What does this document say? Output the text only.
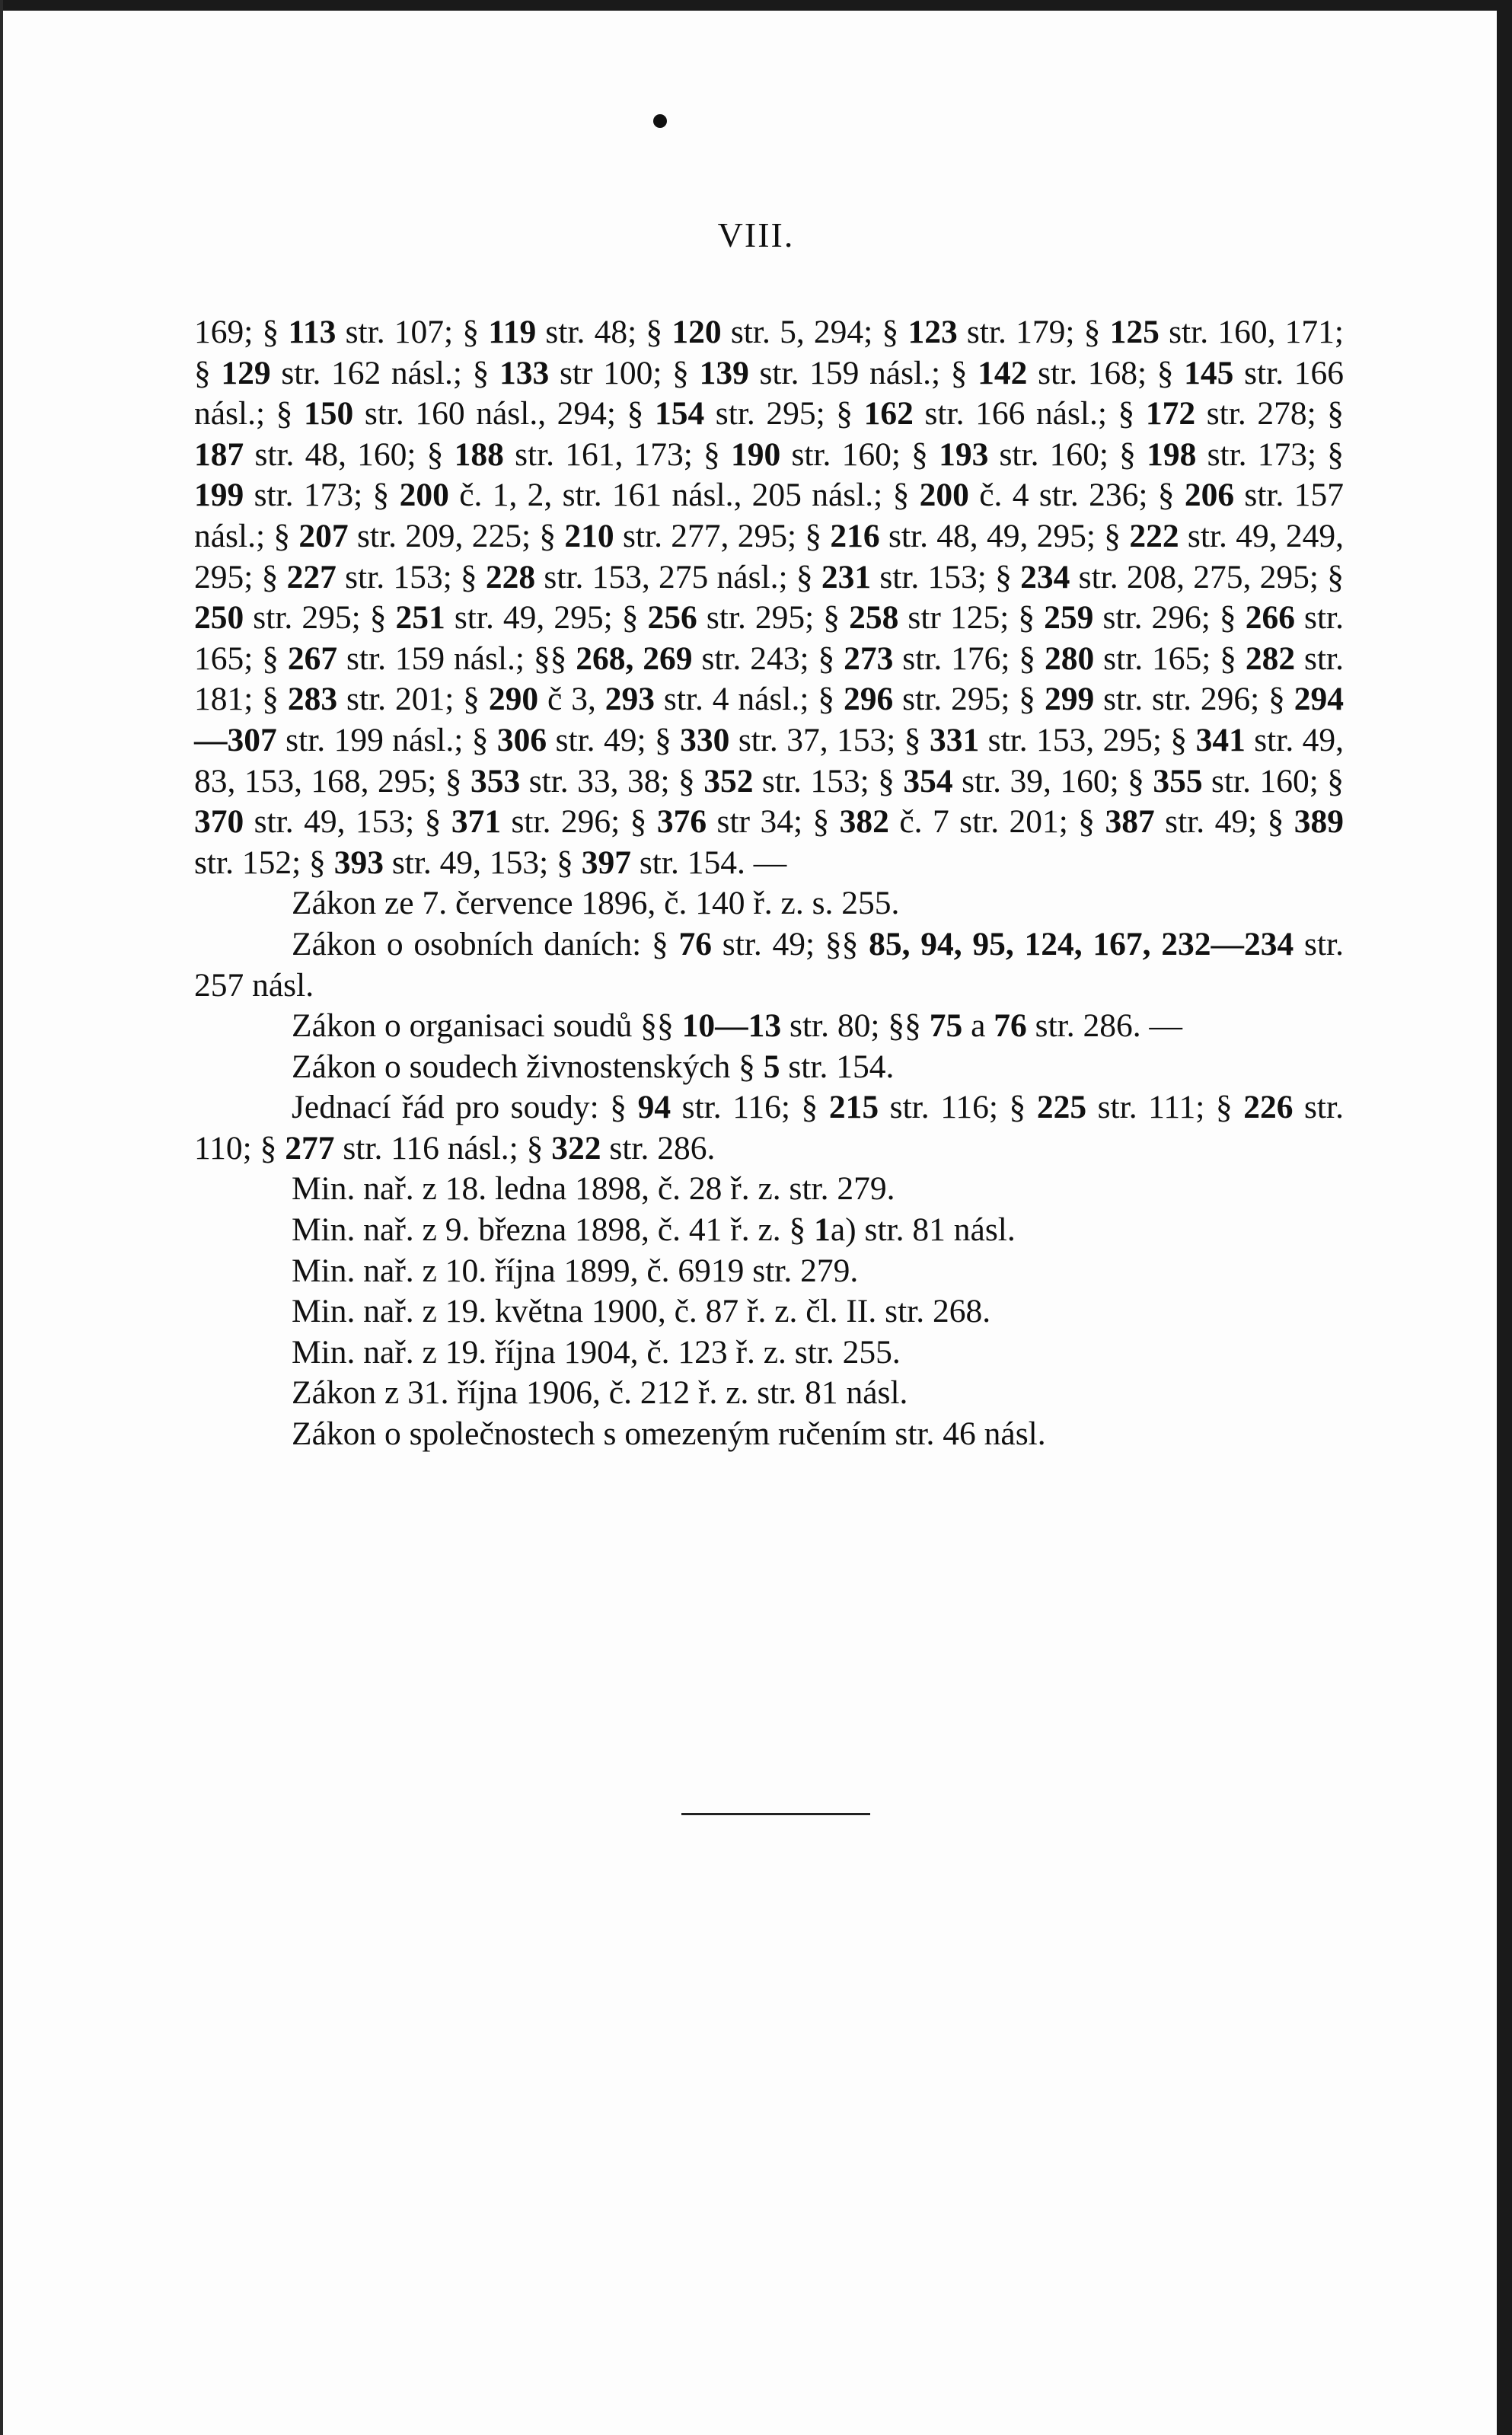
VIII.

169; § 113 str. 107; § 119 str. 48; § 120 str. 5, 294; § 123 str. 179; § 125 str. 160, 171; § 129 str. 162 násl.; § 133 str 100; § 139 str. 159 násl.; § 142 str. 168; § 145 str. 166 násl.; § 150 str. 160 násl., 294; § 154 str. 295; § 162 str. 166 násl.; § 172 str. 278; § 187 str. 48, 160; § 188 str. 161, 173; § 190 str. 160; § 193 str. 160; § 198 str. 173; § 199 str. 173; § 200 č. 1, 2, str. 161 násl., 205 násl.; § 200 č. 4 str. 236; § 206 str. 157 násl.; § 207 str. 209, 225; § 210 str. 277, 295; § 216 str. 48, 49, 295; § 222 str. 49, 249, 295; § 227 str. 153; § 228 str. 153, 275 násl.; § 231 str. 153; § 234 str. 208, 275, 295; § 250 str. 295; § 251 str. 49, 295; § 256 str. 295; § 258 str 125; § 259 str. 296; § 266 str. 165; § 267 str. 159 násl.; §§ 268, 269 str. 243; § 273 str. 176; § 280 str. 165; § 282 str. 181; § 283 str. 201; § 290 č 3, 293 str. 4 násl.; § 296 str. 295; § 299 str. str. 296; § 294—307 str. 199 násl.; § 306 str. 49; § 330 str. 37, 153; § 331 str. 153, 295; § 341 str. 49, 83, 153, 168, 295; § 353 str. 33, 38; § 352 str. 153; § 354 str. 39, 160; § 355 str. 160; § 370 str. 49, 153; § 371 str. 296; § 376 str 34; § 382 č. 7 str. 201; § 387 str. 49; § 389 str. 152; § 393 str. 49, 153; § 397 str. 154. —

Zákon ze 7. července 1896, č. 140 ř. z. s. 255.

Zákon o osobních daních: § 76 str. 49; §§ 85, 94, 95, 124, 167, 232—234 str. 257 násl.

Zákon o organisaci soudů §§ 10—13 str. 80; §§ 75 a 76 str. 286. —

Zákon o soudech živnostenských § 5 str. 154.

Jednací řád pro soudy: § 94 str. 116; § 215 str. 116; § 225 str. 111; § 226 str. 110; § 277 str. 116 násl.; § 322 str. 286.

Min. nař. z 18. ledna 1898, č. 28 ř. z. str. 279.

Min. nař. z 9. března 1898, č. 41 ř. z. § 1a) str. 81 násl.

Min. nař. z 10. října 1899, č. 6919 str. 279.

Min. nař. z 19. května 1900, č. 87 ř. z. čl. II. str. 268.

Min. nař. z 19. října 1904, č. 123 ř. z. str. 255.

Zákon z 31. října 1906, č. 212 ř. z. str. 81 násl.

Zákon o společnostech s omezeným ručením str. 46 násl.
